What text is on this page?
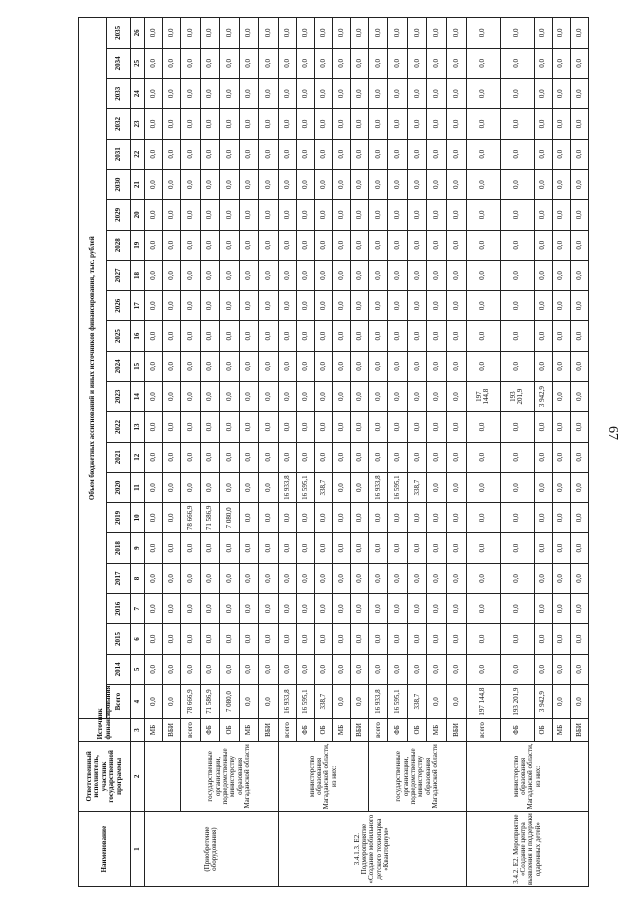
67
Наименование	Ответственный исполнитель, участник государственной программы	Источник финансирования	Объем бюджетных ассигнований и иных источников финансирования, тыс. рублей																						
			Всего	2014	2015	2016	2017	2018	2019	2020	2021	2022	2023	2024	2025	2026	2027	2028	2029	2030	2031	2032	2033	2034	2035
1	2	3	4	5	6	7	8	9	10	11	12	13	14	15	16	17	18	19	20	21	22	23	24	25	26
(Приобретение оборудования)		МБ	0,0	0,0	0,0	0,0	0,0	0,0	0,0	0,0	0,0	0,0	0,0	0,0	0,0	0,0	0,0	0,0	0,0	0,0	0,0	0,0	0,0	0,0	0,0
		ВБИ	0,0	0,0	0,0	0,0	0,0	0,0	0,0	0,0	0,0	0,0	0,0	0,0	0,0	0,0	0,0	0,0	0,0	0,0	0,0	0,0	0,0	0,0	0,0
	государственные организации, подведомственные министерству образования Магаданской области	всего	78 666,9	0,0	0,0	0,0	0,0	0,0	78 666,9	0,0	0,0	0,0	0,0	0,0	0,0	0,0	0,0	0,0	0,0	0,0	0,0	0,0	0,0	0,0	0,0
		ФБ	71 586,9	0,0	0,0	0,0	0,0	0,0	71 586,9	0,0	0,0	0,0	0,0	0,0	0,0	0,0	0,0	0,0	0,0	0,0	0,0	0,0	0,0	0,0	0,0
		ОБ	7 080,0	0,0	0,0	0,0	0,0	0,0	7 080,0	0,0	0,0	0,0	0,0	0,0	0,0	0,0	0,0	0,0	0,0	0,0	0,0	0,0	0,0	0,0	0,0
		МБ	0,0	0,0	0,0	0,0	0,0	0,0	0,0	0,0	0,0	0,0	0,0	0,0	0,0	0,0	0,0	0,0	0,0	0,0	0,0	0,0	0,0	0,0	0,0
		ВБИ	0,0	0,0	0,0	0,0	0,0	0,0	0,0	0,0	0,0	0,0	0,0	0,0	0,0	0,0	0,0	0,0	0,0	0,0	0,0	0,0	0,0	0,0	0,0
3.4.1.3. Е2. Подмероприятие «Создание мобильного детского технопарка «Кванториум»	министерство образования Магаданской области, из них:	всего	16 933,8	0,0	0,0	0,0	0,0	0,0	0,0	16 933,8	0,0	0,0	0,0	0,0	0,0	0,0	0,0	0,0	0,0	0,0	0,0	0,0	0,0	0,0	0,0
		ФБ	16 595,1	0,0	0,0	0,0	0,0	0,0	0,0	16 595,1	0,0	0,0	0,0	0,0	0,0	0,0	0,0	0,0	0,0	0,0	0,0	0,0	0,0	0,0	0,0
		ОБ	338,7	0,0	0,0	0,0	0,0	0,0	0,0	338,7	0,0	0,0	0,0	0,0	0,0	0,0	0,0	0,0	0,0	0,0	0,0	0,0	0,0	0,0	0,0
		МБ	0,0	0,0	0,0	0,0	0,0	0,0	0,0	0,0	0,0	0,0	0,0	0,0	0,0	0,0	0,0	0,0	0,0	0,0	0,0	0,0	0,0	0,0	0,0
		ВБИ	0,0	0,0	0,0	0,0	0,0	0,0	0,0	0,0	0,0	0,0	0,0	0,0	0,0	0,0	0,0	0,0	0,0	0,0	0,0	0,0	0,0	0,0	0,0
	государственные организации, подведомственные министерству образования Магаданской области	всего	16 933,8	0,0	0,0	0,0	0,0	0,0	0,0	16 933,8	0,0	0,0	0,0	0,0	0,0	0,0	0,0	0,0	0,0	0,0	0,0	0,0	0,0	0,0	0,0
		ФБ	16 595,1	0,0	0,0	0,0	0,0	0,0	0,0	16 595,1	0,0	0,0	0,0	0,0	0,0	0,0	0,0	0,0	0,0	0,0	0,0	0,0	0,0	0,0	0,0
		ОБ	338,7	0,0	0,0	0,0	0,0	0,0	0,0	338,7	0,0	0,0	0,0	0,0	0,0	0,0	0,0	0,0	0,0	0,0	0,0	0,0	0,0	0,0	0,0
		МБ	0,0	0,0	0,0	0,0	0,0	0,0	0,0	0,0	0,0	0,0	0,0	0,0	0,0	0,0	0,0	0,0	0,0	0,0	0,0	0,0	0,0	0,0	0,0
		ВБИ	0,0	0,0	0,0	0,0	0,0	0,0	0,0	0,0	0,0	0,0	0,0	0,0	0,0	0,0	0,0	0,0	0,0	0,0	0,0	0,0	0,0	0,0	0,0
3.4.2. Е2. Мероприятие «Создание центра выявления и поддержки одаренных детей»	министерство образования Магаданской области, из них:	всего	197 144,8	0,0	0,0	0,0	0,0	0,0	0,0	0,0	0,0	0,0	197 144,8	0,0	0,0	0,0	0,0	0,0	0,0	0,0	0,0	0,0	0,0	0,0	0,0
		ФБ	193 201,9	0,0	0,0	0,0	0,0	0,0	0,0	0,0	0,0	0,0	193 201,9	0,0	0,0	0,0	0,0	0,0	0,0	0,0	0,0	0,0	0,0	0,0	0,0
		ОБ	3 942,9	0,0	0,0	0,0	0,0	0,0	0,0	0,0	0,0	0,0	3 942,9	0,0	0,0	0,0	0,0	0,0	0,0	0,0	0,0	0,0	0,0	0,0	0,0
		МБ	0,0	0,0	0,0	0,0	0,0	0,0	0,0	0,0	0,0	0,0	0,0	0,0	0,0	0,0	0,0	0,0	0,0	0,0	0,0	0,0	0,0	0,0	0,0
		ВБИ	0,0	0,0	0,0	0,0	0,0	0,0	0,0	0,0	0,0	0,0	0,0	0,0	0,0	0,0	0,0	0,0	0,0	0,0	0,0	0,0	0,0	0,0	0,0
